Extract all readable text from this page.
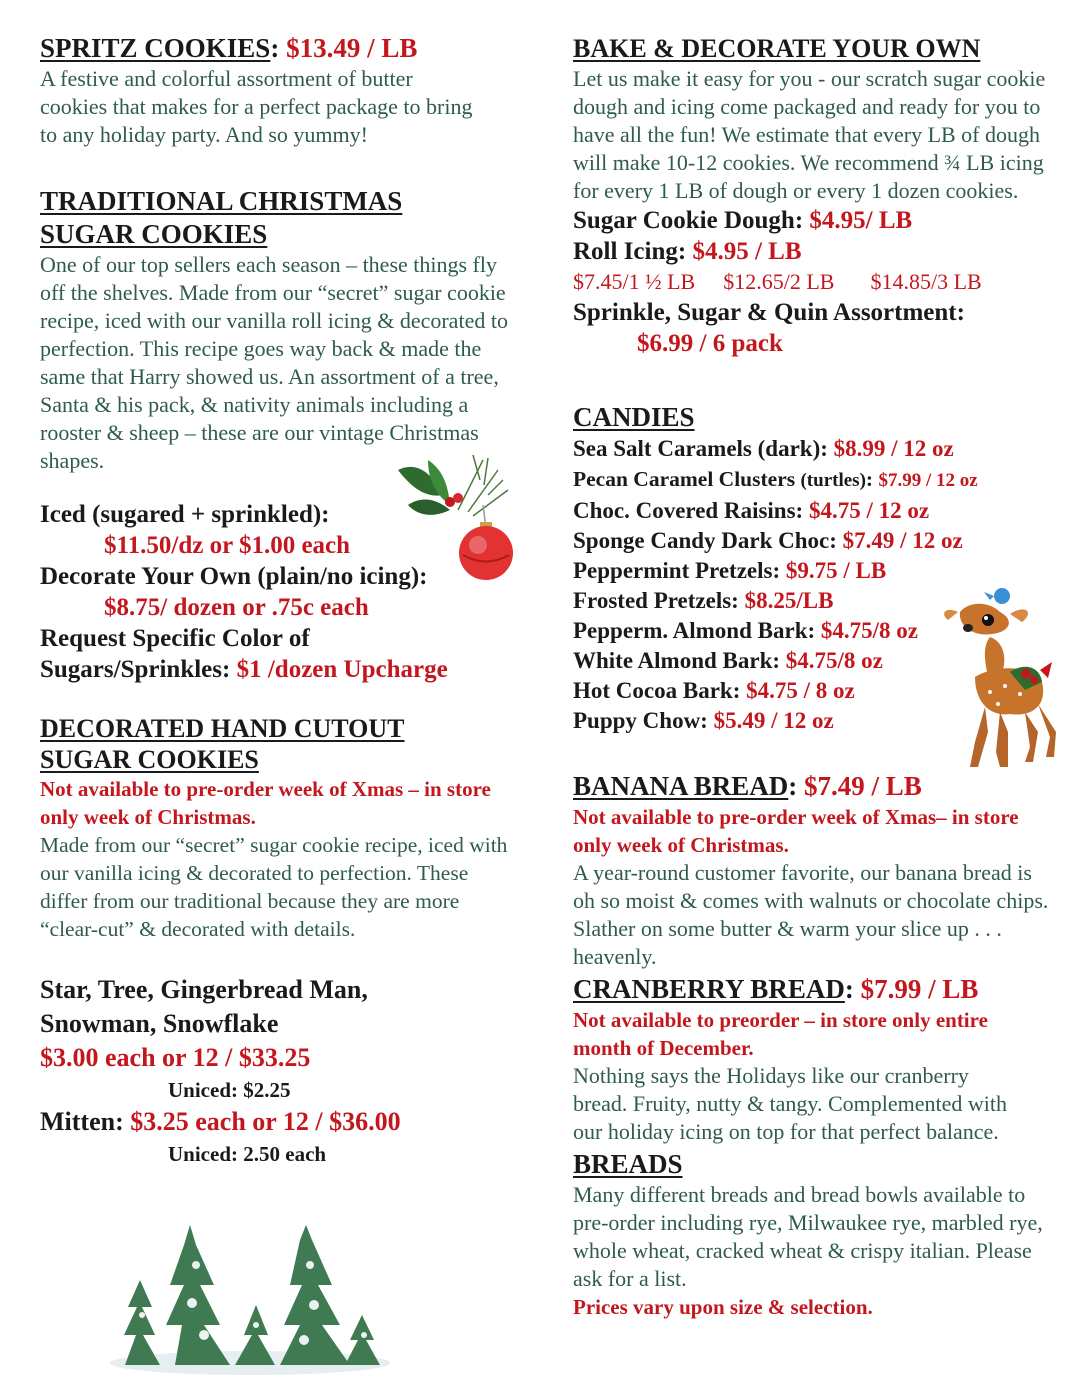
SPRITZ COOKIES: $13.49 / LB

A festive and colorful assortment of butter cookies that makes for a perfect package to bring to any holiday party. And so yummy!

TRADITIONAL CHRISTMAS

SUGAR COOKIES

One of our top sellers each season – these things fly off the shelves. Made from our “secret” sugar cookie recipe, iced with our vanilla roll icing & decorated to perfection. This recipe goes way back & made the same that Harry showed us. An assortment of a tree, Santa & his pack, & nativity animals including a rooster & sheep – these are our vintage Christmas shapes.

Iced (sugared + sprinkled):

$11.50/dz or $1.00 each

Decorate Your Own (plain/no icing):

$8.75/ dozen or .75c each

Request Specific Color of

Sugars/Sprinkles: $1 /dozen Upcharge

DECORATED HAND CUTOUT

SUGAR COOKIES

Not available to pre-order week of Xmas – in store only week of Christmas.

Made from our “secret” sugar cookie recipe, iced with our vanilla icing & decorated to perfection. These differ from our traditional because they are more “clear-cut” & decorated with details.

Star, Tree, Gingerbread Man,

Snowman, Snowflake

$3.00 each or 12 / $33.25

Uniced: $2.25

Mitten: $3.25 each or 12 / $36.00

Uniced: 2.50 each

BAKE & DECORATE YOUR OWN

Let us make it easy for you - our scratch sugar cookie dough and icing come packaged and ready for you to have all the fun! We estimate that every LB of dough will make 10-12 cookies. We recommend ¾ LB icing for every 1 LB of dough or every 1 dozen cookies.

Sugar Cookie Dough: $4.95/ LB

Roll Icing: $4.95 / LB

$7.45/1 ½ LB $12.65/2 LB $14.85/3 LB

Sprinkle, Sugar & Quin Assortment:

$6.99 / 6 pack

CANDIES

Sea Salt Caramels (dark): $8.99 / 12 oz

Pecan Caramel Clusters (turtles): $7.99 / 12 oz

Choc. Covered Raisins: $4.75 / 12 oz

Sponge Candy Dark Choc: $7.49 / 12 oz

Peppermint Pretzels: $9.75 / LB

Frosted Pretzels: $8.25/LB

Pepperm. Almond Bark: $4.75/8 oz

White Almond Bark: $4.75/8 oz

Hot Cocoa Bark: $4.75 / 8 oz

Puppy Chow: $5.49 / 12 oz

BANANA BREAD: $7.49 / LB

Not available to pre-order week of Xmas– in store only week of Christmas.

A year-round customer favorite, our banana bread is oh so moist & comes with walnuts or chocolate chips. Slather on some butter & warm your slice up . . . heavenly.

CRANBERRY BREAD: $7.99 / LB

Not available to preorder – in store only entire month of December.

Nothing says the Holidays like our cranberry bread. Fruity, nutty & tangy. Complemented with our holiday icing on top for that perfect balance.

BREADS

Many different breads and bread bowls available to pre-order including rye, Milwaukee rye, marbled rye, whole wheat, cracked wheat & crispy italian. Please ask for a list.

Prices vary upon size & selection.
